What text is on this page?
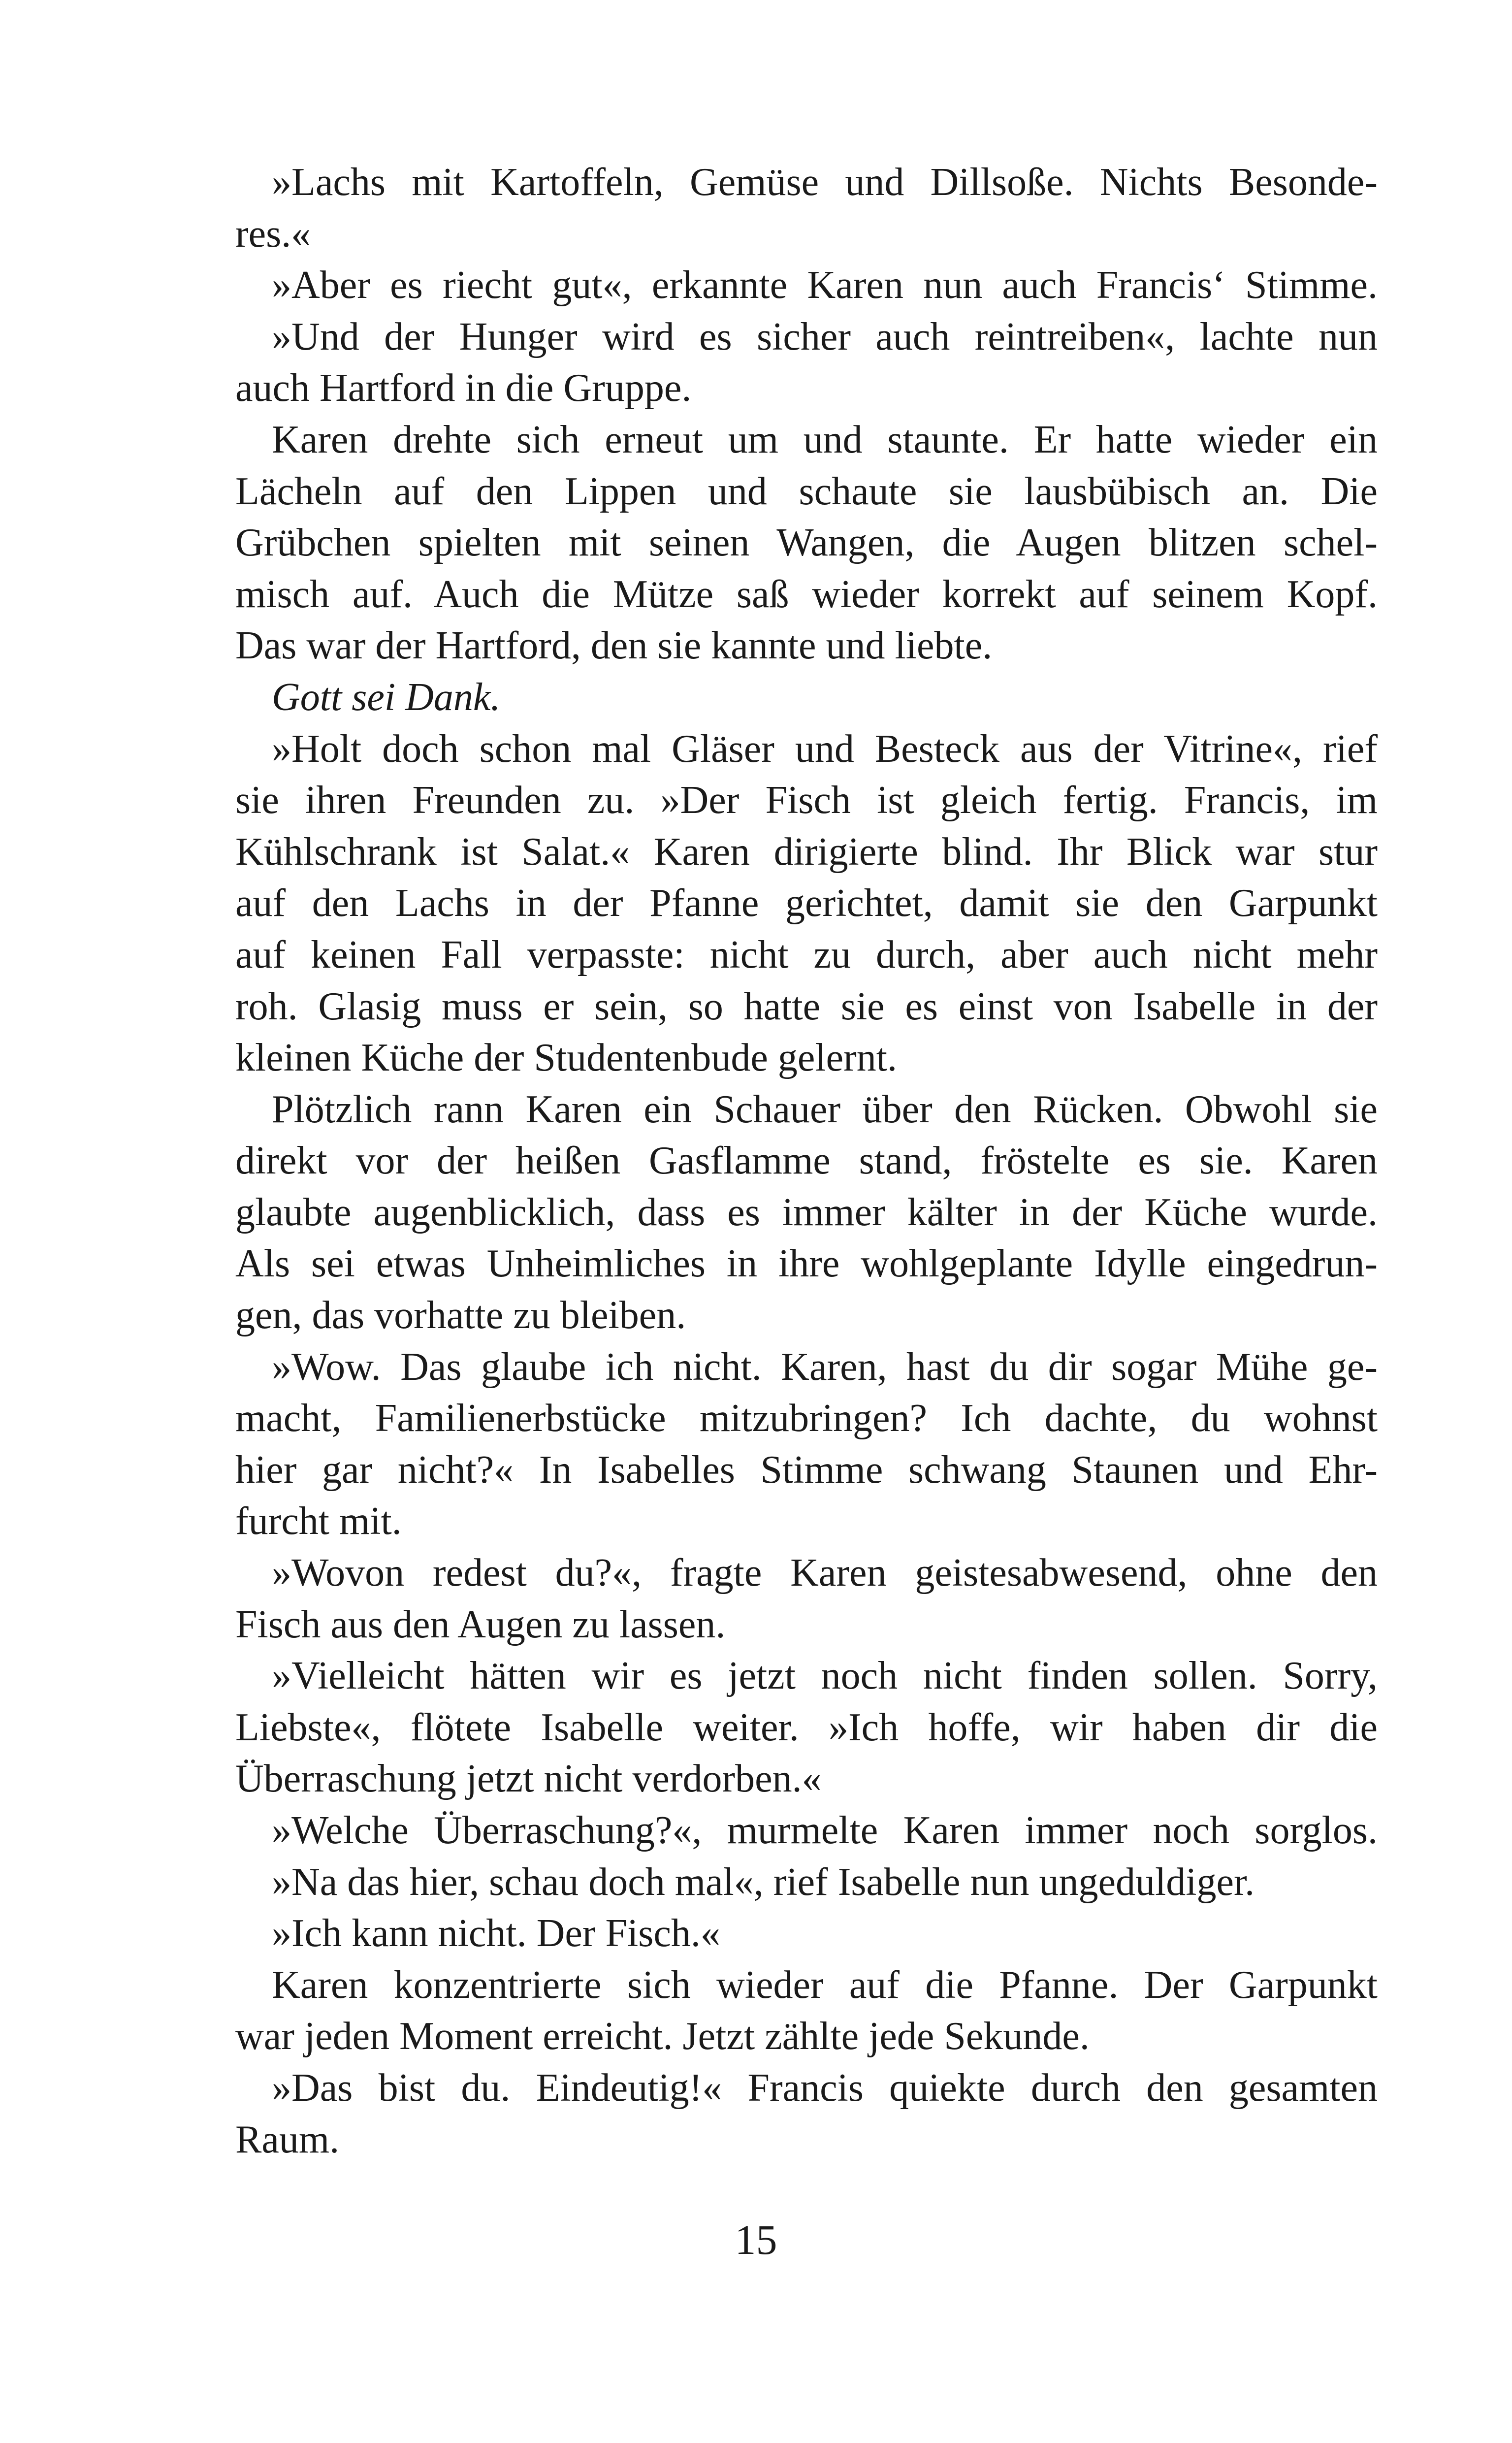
»Lachs mit Kartoffeln, Gemüse und Dillsoße. Nichts Besonde-
res.«
»Aber es riecht gut«, erkannte Karen nun auch Francis‘ Stimme.
»Und der Hunger wird es sicher auch reintreiben«, lachte nun
auch Hartford in die Gruppe.
Karen drehte sich erneut um und staunte. Er hatte wieder ein
Lächeln auf den Lippen und schaute sie lausbübisch an. Die
Grübchen spielten mit seinen Wangen, die Augen blitzen schel-
misch auf. Auch die Mütze saß wieder korrekt auf seinem Kopf.
Das war der Hartford, den sie kannte und liebte.
Gott sei Dank.
»Holt doch schon mal Gläser und Besteck aus der Vitrine«, rief
sie ihren Freunden zu. »Der Fisch ist gleich fertig. Francis, im
Kühlschrank ist Salat.« Karen dirigierte blind. Ihr Blick war stur
auf den Lachs in der Pfanne gerichtet, damit sie den Garpunkt
auf keinen Fall verpasste: nicht zu durch, aber auch nicht mehr
roh. Glasig muss er sein, so hatte sie es einst von Isabelle in der
kleinen Küche der Studentenbude gelernt.
Plötzlich rann Karen ein Schauer über den Rücken. Obwohl sie
direkt vor der heißen Gasflamme stand, fröstelte es sie. Karen
glaubte augenblicklich, dass es immer kälter in der Küche wurde.
Als sei etwas Unheimliches in ihre wohlgeplante Idylle eingedrun-
gen, das vorhatte zu bleiben.
»Wow. Das glaube ich nicht. Karen, hast du dir sogar Mühe ge-
macht, Familienerbstücke mitzubringen? Ich dachte, du wohnst
hier gar nicht?« In Isabelles Stimme schwang Staunen und Ehr-
furcht mit.
»Wovon redest du?«, fragte Karen geistesabwesend, ohne den
Fisch aus den Augen zu lassen.
»Vielleicht hätten wir es jetzt noch nicht finden sollen. Sorry,
Liebste«, flötete Isabelle weiter. »Ich hoffe, wir haben dir die
Überraschung jetzt nicht verdorben.«
»Welche Überraschung?«, murmelte Karen immer noch sorglos.
»Na das hier, schau doch mal«, rief Isabelle nun ungeduldiger.
»Ich kann nicht. Der Fisch.«
Karen konzentrierte sich wieder auf die Pfanne. Der Garpunkt
war jeden Moment erreicht. Jetzt zählte jede Sekunde.
»Das bist du. Eindeutig!« Francis quiekte durch den gesamten
Raum.
15
